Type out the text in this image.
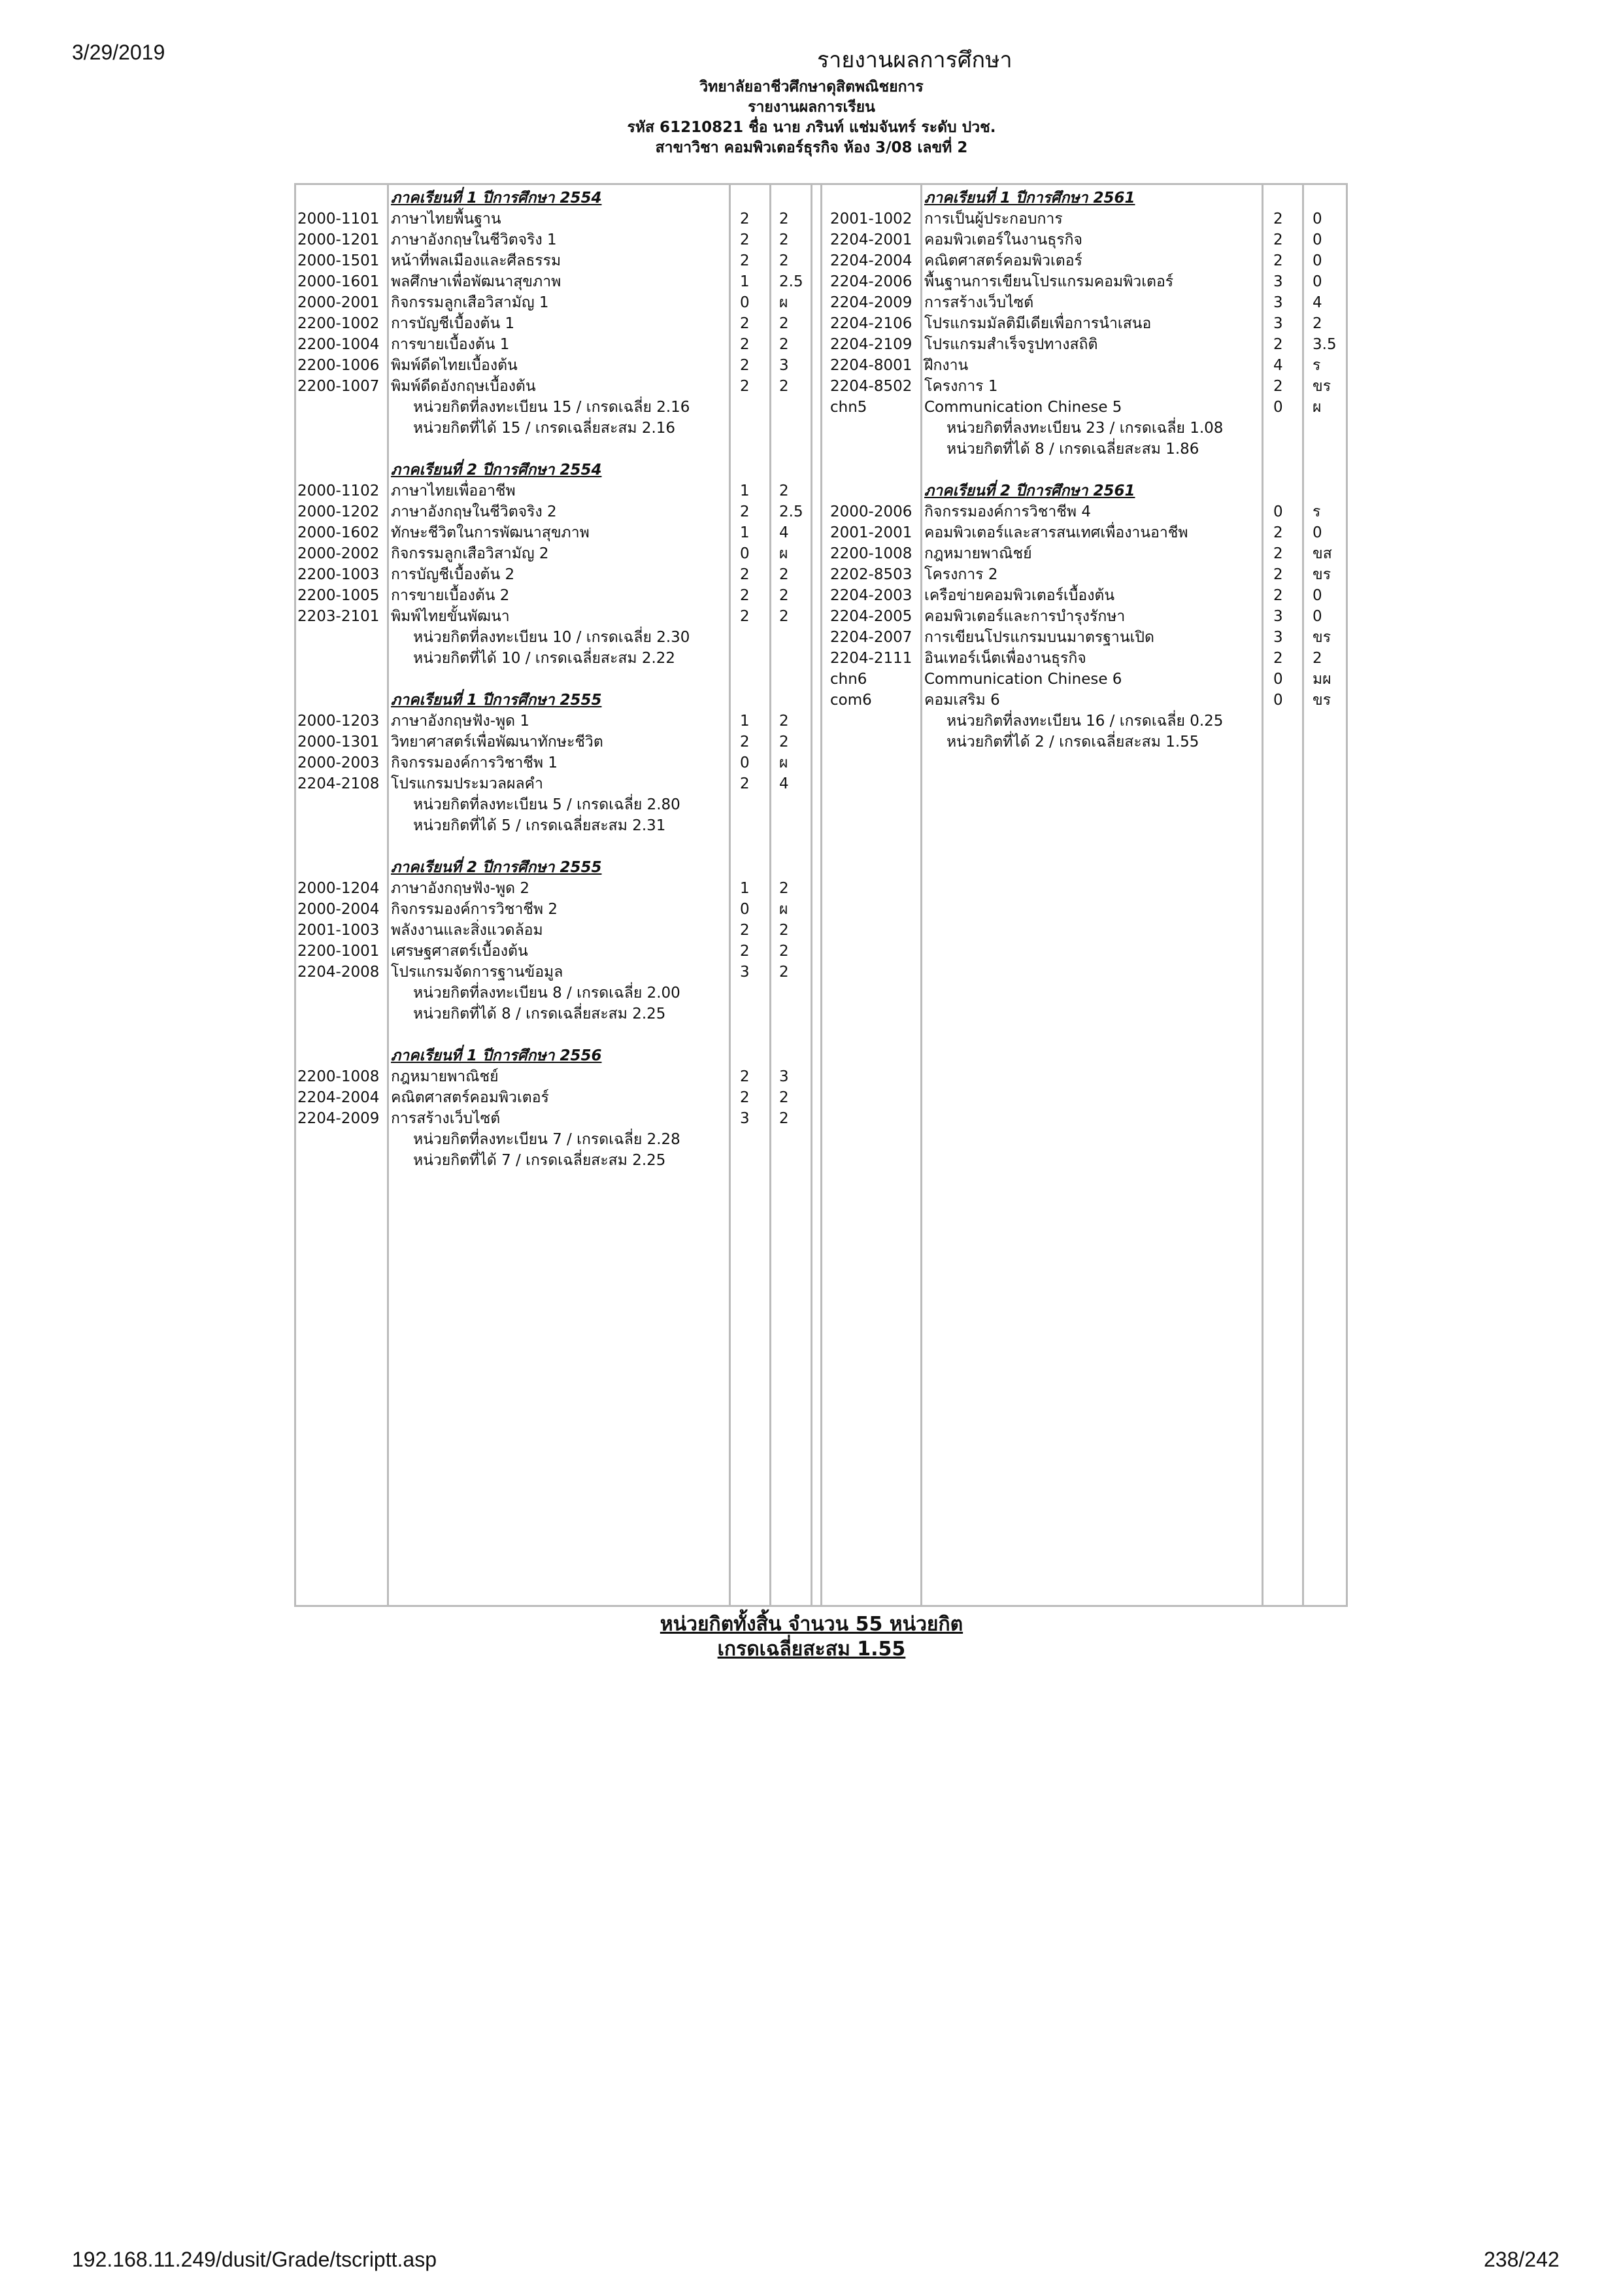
3/29/2019	รายงานผลการศึกษา
วิทยาลัยอาชีวศึกษาดุสิตพณิชยการ
รายงานผลการเรียน
รหัส 61210821 ชื่อ นาย ภรินท์ แช่มจันทร์ ระดับ ปวช.
สาขาวิชา คอมพิวเตอร์ธุรกิจ ห้อง 3/08 เลขที่ 2
ภาคเรียนที่ 1 ปีการศึกษา 2554
2000-1101 ภาษาไทยพื้นฐาน	2 2
2000-1201 ภาษาอังกฤษในชีวิตจริง 1	2 2
2000-1501 หน้าที่พลเมืองและศีลธรรม	2 2
2000-1601 พลศึกษาเพื่อพัฒนาสุขภาพ	1 2.5
2000-2001 กิจกรรมลูกเสือวิสามัญ 1	0 ผ
2200-1002 การบัญชีเบื้องต้น 1	2 2
2200-1004 การขายเบื้องต้น 1	2 2
2200-1006 พิมพ์ดีดไทยเบื้องต้น	2 3
2200-1007 พิมพ์ดีดอังกฤษเบื้องต้น	2 2
หน่วยกิตที่ลงทะเบียน 15 / เกรดเฉลี่ย 2.16
หน่วยกิตที่ได้ 15 / เกรดเฉลี่ยสะสม 2.16
ภาคเรียนที่ 2 ปีการศึกษา 2554
2000-1102 ภาษาไทยเพื่ออาชีพ	1 2
2000-1202 ภาษาอังกฤษในชีวิตจริง 2	2 2.5
2000-1602 ทักษะชีวิตในการพัฒนาสุขภาพ	1 4
2000-2002 กิจกรรมลูกเสือวิสามัญ 2	0 ผ
2200-1003 การบัญชีเบื้องต้น 2	2 2
2200-1005 การขายเบื้องต้น 2	2 2
2203-2101 พิมพ์ไทยขั้นพัฒนา	2 2
หน่วยกิตที่ลงทะเบียน 10 / เกรดเฉลี่ย 2.30
หน่วยกิตที่ได้ 10 / เกรดเฉลี่ยสะสม 2.22
ภาคเรียนที่ 1 ปีการศึกษา 2555
2000-1203 ภาษาอังกฤษฟัง-พูด 1	1 2
2000-1301 วิทยาศาสตร์เพื่อพัฒนาทักษะชีวิต	2 2
2000-2003 กิจกรรมองค์การวิชาชีพ 1	0 ผ
2204-2108 โปรแกรมประมวลผลคำ	2 4
หน่วยกิตที่ลงทะเบียน 5 / เกรดเฉลี่ย 2.80
หน่วยกิตที่ได้ 5 / เกรดเฉลี่ยสะสม 2.31
ภาคเรียนที่ 2 ปีการศึกษา 2555
2000-1204 ภาษาอังกฤษฟัง-พูด 2	1 2
2000-2004 กิจกรรมองค์การวิชาชีพ 2	0 ผ
2001-1003 พลังงานและสิ่งแวดล้อม	2 2
2200-1001 เศรษฐศาสตร์เบื้องต้น	2 2
2204-2008 โปรแกรมจัดการฐานข้อมูล	3 2
หน่วยกิตที่ลงทะเบียน 8 / เกรดเฉลี่ย 2.00
หน่วยกิตที่ได้ 8 / เกรดเฉลี่ยสะสม 2.25
ภาคเรียนที่ 1 ปีการศึกษา 2556
2200-1008 กฎหมายพาณิชย์	2 3
2204-2004 คณิตศาสตร์คอมพิวเตอร์	2 2
2204-2009 การสร้างเว็บไซต์	3 2
หน่วยกิตที่ลงทะเบียน 7 / เกรดเฉลี่ย 2.28
หน่วยกิตที่ได้ 7 / เกรดเฉลี่ยสะสม 2.25
ภาคเรียนที่ 1 ปีการศึกษา 2561
2001-1002 การเป็นผู้ประกอบการ	2 0
2204-2001 คอมพิวเตอร์ในงานธุรกิจ	2 0
2204-2004 คณิตศาสตร์คอมพิวเตอร์	2 0
2204-2006 พื้นฐานการเขียนโปรแกรมคอมพิวเตอร์	3 0
2204-2009 การสร้างเว็บไซต์	3 4
2204-2106 โปรแกรมมัลติมีเดียเพื่อการนำเสนอ	3 2
2204-2109 โปรแกรมสำเร็จรูปทางสถิติ	2 3.5
2204-8001 ฝึกงาน	4 ร
2204-8502 โครงการ 1	2 ขร
chn5	Communication Chinese 5	0 ผ
หน่วยกิตที่ลงทะเบียน 23 / เกรดเฉลี่ย 1.08
หน่วยกิตที่ได้ 8 / เกรดเฉลี่ยสะสม 1.86
ภาคเรียนที่ 2 ปีการศึกษา 2561
2000-2006 กิจกรรมองค์การวิชาชีพ 4	0 ร
2001-2001 คอมพิวเตอร์และสารสนเทศเพื่องานอาชีพ	2 0
2200-1008 กฎหมายพาณิชย์	2 ขส
2202-8503 โครงการ 2	2 ขร
2204-2003 เครือข่ายคอมพิวเตอร์เบื้องต้น	2 0
2204-2005 คอมพิวเตอร์และการบำรุงรักษา	3 0
2204-2007 การเขียนโปรแกรมบนมาตรฐานเปิด	3 ขร
2204-2111 อินเทอร์เน็ตเพื่องานธุรกิจ	2 2
chn6	Communication Chinese 6	0 มผ
com6	คอมเสริม 6	0 ขร
หน่วยกิตที่ลงทะเบียน 16 / เกรดเฉลี่ย 0.25
หน่วยกิตที่ได้ 2 / เกรดเฉลี่ยสะสม 1.55
หน่วยกิตทั้งสิ้น จำนวน 55 หน่วยกิต
เกรดเฉลี่ยสะสม 1.55
192.168.11.249/dusit/Grade/tscriptt.asp	238/242
